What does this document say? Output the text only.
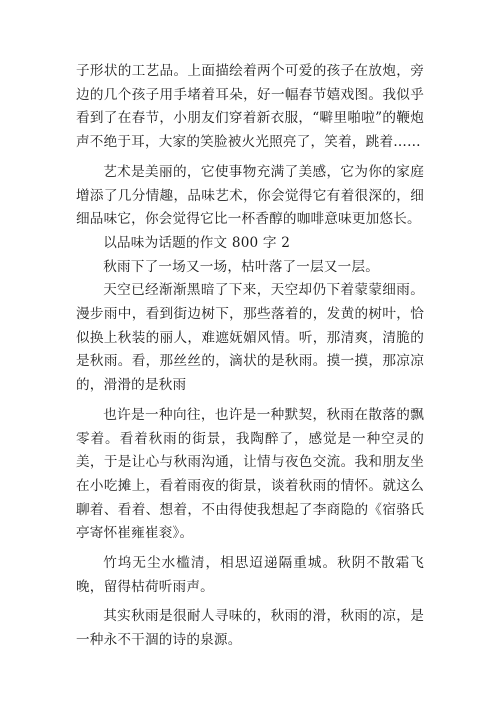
子形状的工艺品。上面描绘着两个可爱的孩子在放炮，旁边的几个孩子用手堵着耳朵，好一幅春节嬉戏图。我似乎看到了在春节，小朋友们穿着新衣服，“噼里啪啦”的鞭炮声不绝于耳，大家的笑脸被火光照亮了，笑着，跳着……

艺术是美丽的，它使事物充满了美感，它为你的家庭增添了几分情趣，品味艺术，你会觉得它有着很深的，细细品味它，你会觉得它比一杯香醇的咖啡意味更加悠长。

以品味为话题的作文 800 字 2

秋雨下了一场又一场，枯叶落了一层又一层。

天空已经渐渐黑暗了下来，天空却仍下着蒙蒙细雨。漫步雨中，看到街边树下，那些落着的，发黄的树叶，恰似换上秋装的丽人，难遮妩媚风情。听，那清爽，清脆的是秋雨。看，那丝丝的，滴状的是秋雨。摸一摸，那凉凉的，滑滑的是秋雨

也许是一种向往，也许是一种默契，秋雨在散落的飘零着。看着秋雨的街景，我陶醉了，感觉是一种空灵的美，于是让心与秋雨沟通，让情与夜色交流。我和朋友坐在小吃摊上，看着雨夜的街景，谈着秋雨的情怀。就这么聊着、看着、想着，不由得使我想起了李商隐的《宿骆氏亭寄怀崔雍崔衮》。

竹坞无尘水槛清，相思迢递隔重城。秋阴不散霜飞晚，留得枯荷听雨声。

其实秋雨是很耐人寻味的，秋雨的滑，秋雨的凉，是一种永不干涸的诗的泉源。
